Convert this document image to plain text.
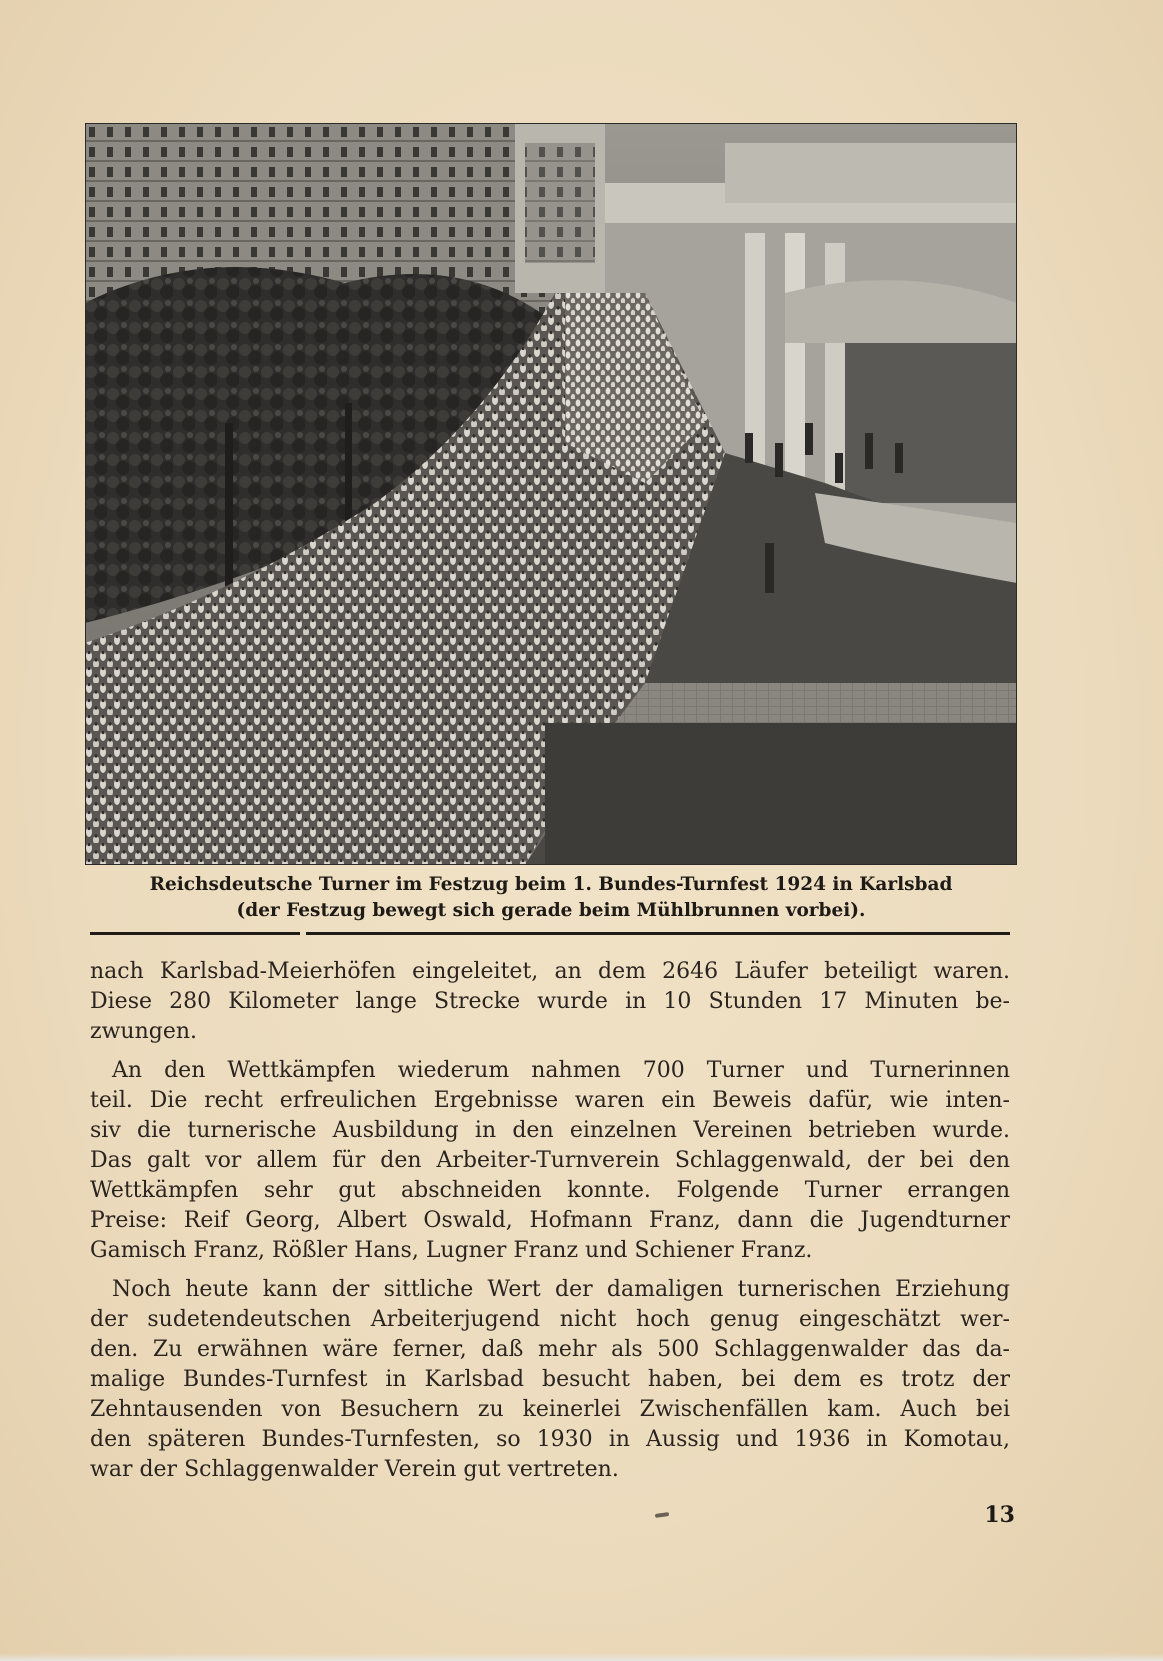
Reichsdeutsche Turner im Festzug beim 1. Bundes-Turnfest 1924 in Karlsbad
(der Festzug bewegt sich gerade beim Mühlbrunnen vorbei).
nach Karlsbad-Meierhöfen eingeleitet, an dem 2646 Läufer beteiligt waren.
Diese 280 Kilometer lange Strecke wurde in 10 Stunden 17 Minuten be-
zwungen.
An den Wettkämpfen wiederum nahmen 700 Turner und Turnerinnen
teil. Die recht erfreulichen Ergebnisse waren ein Beweis dafür, wie inten-
siv die turnerische Ausbildung in den einzelnen Vereinen betrieben wurde.
Das galt vor allem für den Arbeiter-Turnverein Schlaggenwald, der bei den
Wettkämpfen sehr gut abschneiden konnte. Folgende Turner errangen
Preise: Reif Georg, Albert Oswald, Hofmann Franz, dann die Jugendturner
Gamisch Franz, Rößler Hans, Lugner Franz und Schiener Franz.
Noch heute kann der sittliche Wert der damaligen turnerischen Erziehung
der sudetendeutschen Arbeiterjugend nicht hoch genug eingeschätzt wer-
den. Zu erwähnen wäre ferner, daß mehr als 500 Schlaggenwalder das da-
malige Bundes-Turnfest in Karlsbad besucht haben, bei dem es trotz der
Zehntausenden von Besuchern zu keinerlei Zwischenfällen kam. Auch bei
den späteren Bundes-Turnfesten, so 1930 in Aussig und 1936 in Komotau,
war der Schlaggenwalder Verein gut vertreten.
13
